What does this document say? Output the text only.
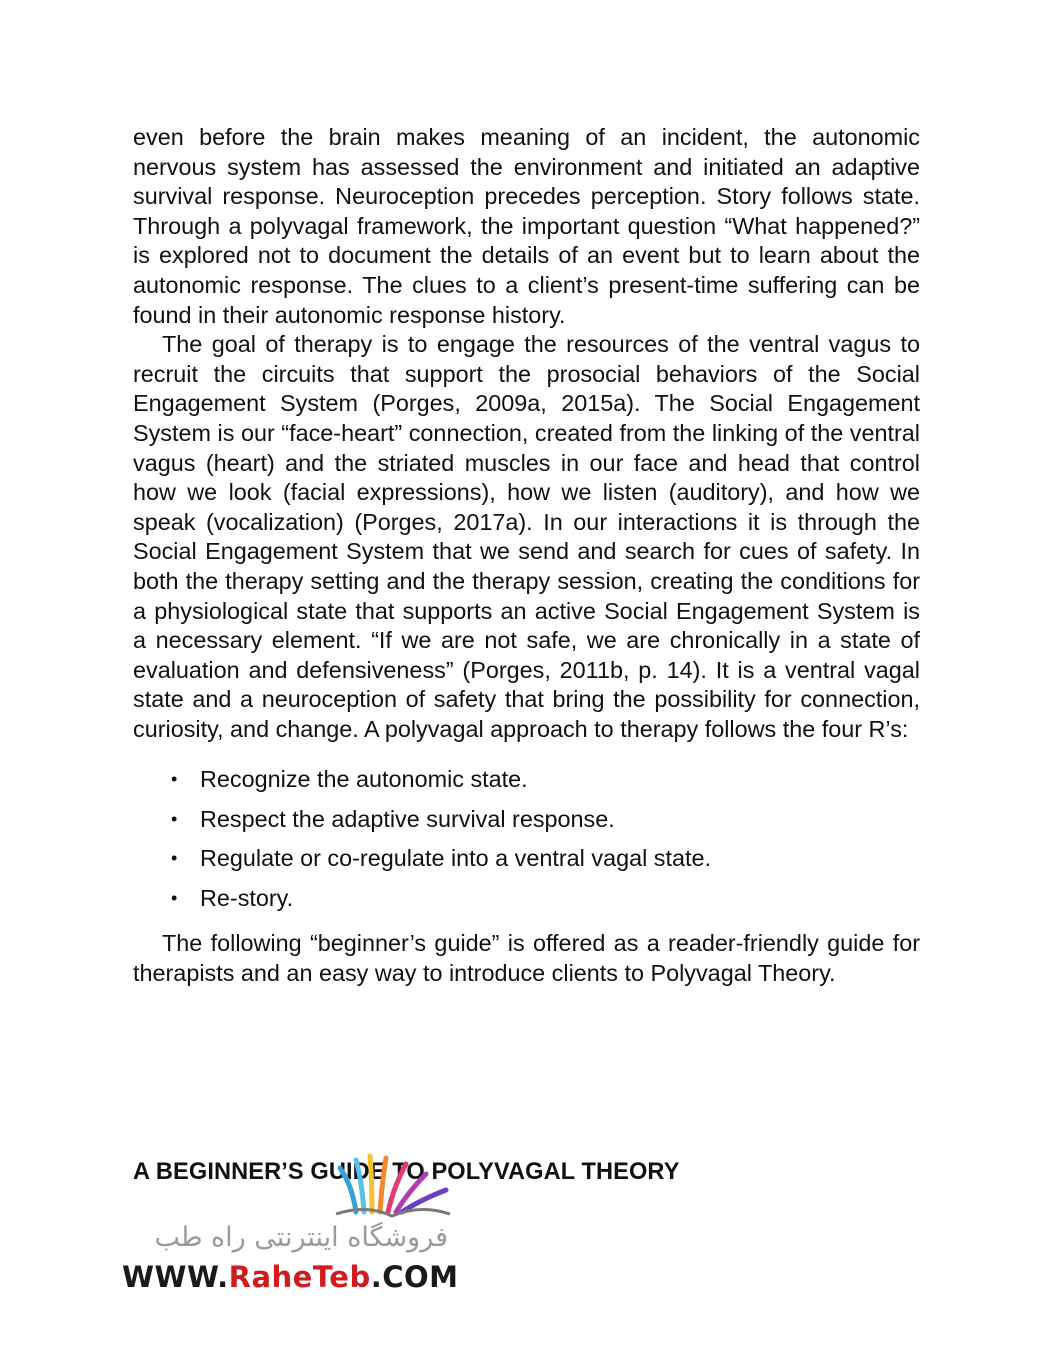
even before the brain makes meaning of an incident, the autonomic nervous system has assessed the environment and initiated an adaptive survival response. Neuroception precedes perception. Story follows state. Through a polyvagal framework, the important question “What happened?” is explored not to document the details of an event but to learn about the autonomic response. The clues to a client’s present-time suffering can be found in their autonomic response history.

The goal of therapy is to engage the resources of the ventral vagus to recruit the circuits that support the prosocial behaviors of the Social Engagement System (Porges, 2009a, 2015a). The Social Engagement System is our “face-heart” connection, created from the linking of the ventral vagus (heart) and the striated muscles in our face and head that control how we look (facial expressions), how we listen (auditory), and how we speak (vocalization) (Porges, 2017a). In our interactions it is through the Social Engagement System that we send and search for cues of safety. In both the therapy setting and the therapy session, creating the conditions for a physiological state that supports an active Social Engagement System is a necessary element. “If we are not safe, we are chronically in a state of evaluation and defensiveness” (Porges, 2011b, p. 14). It is a ventral vagal state and a neuroception of safety that bring the possibility for connection, curiosity, and change. A polyvagal approach to therapy follows the four R’s:

• Recognize the autonomic state.
• Respect the adaptive survival response.
• Regulate or co-regulate into a ventral vagal state.
• Re-story.

The following “beginner’s guide” is offered as a reader-friendly guide for therapists and an easy way to introduce clients to Polyvagal Theory.

A BEGINNER’S GUIDE TO POLYVAGAL THEORY
فروشگاه اینترنتی راه طب
WWW.RaheTeb.COM
